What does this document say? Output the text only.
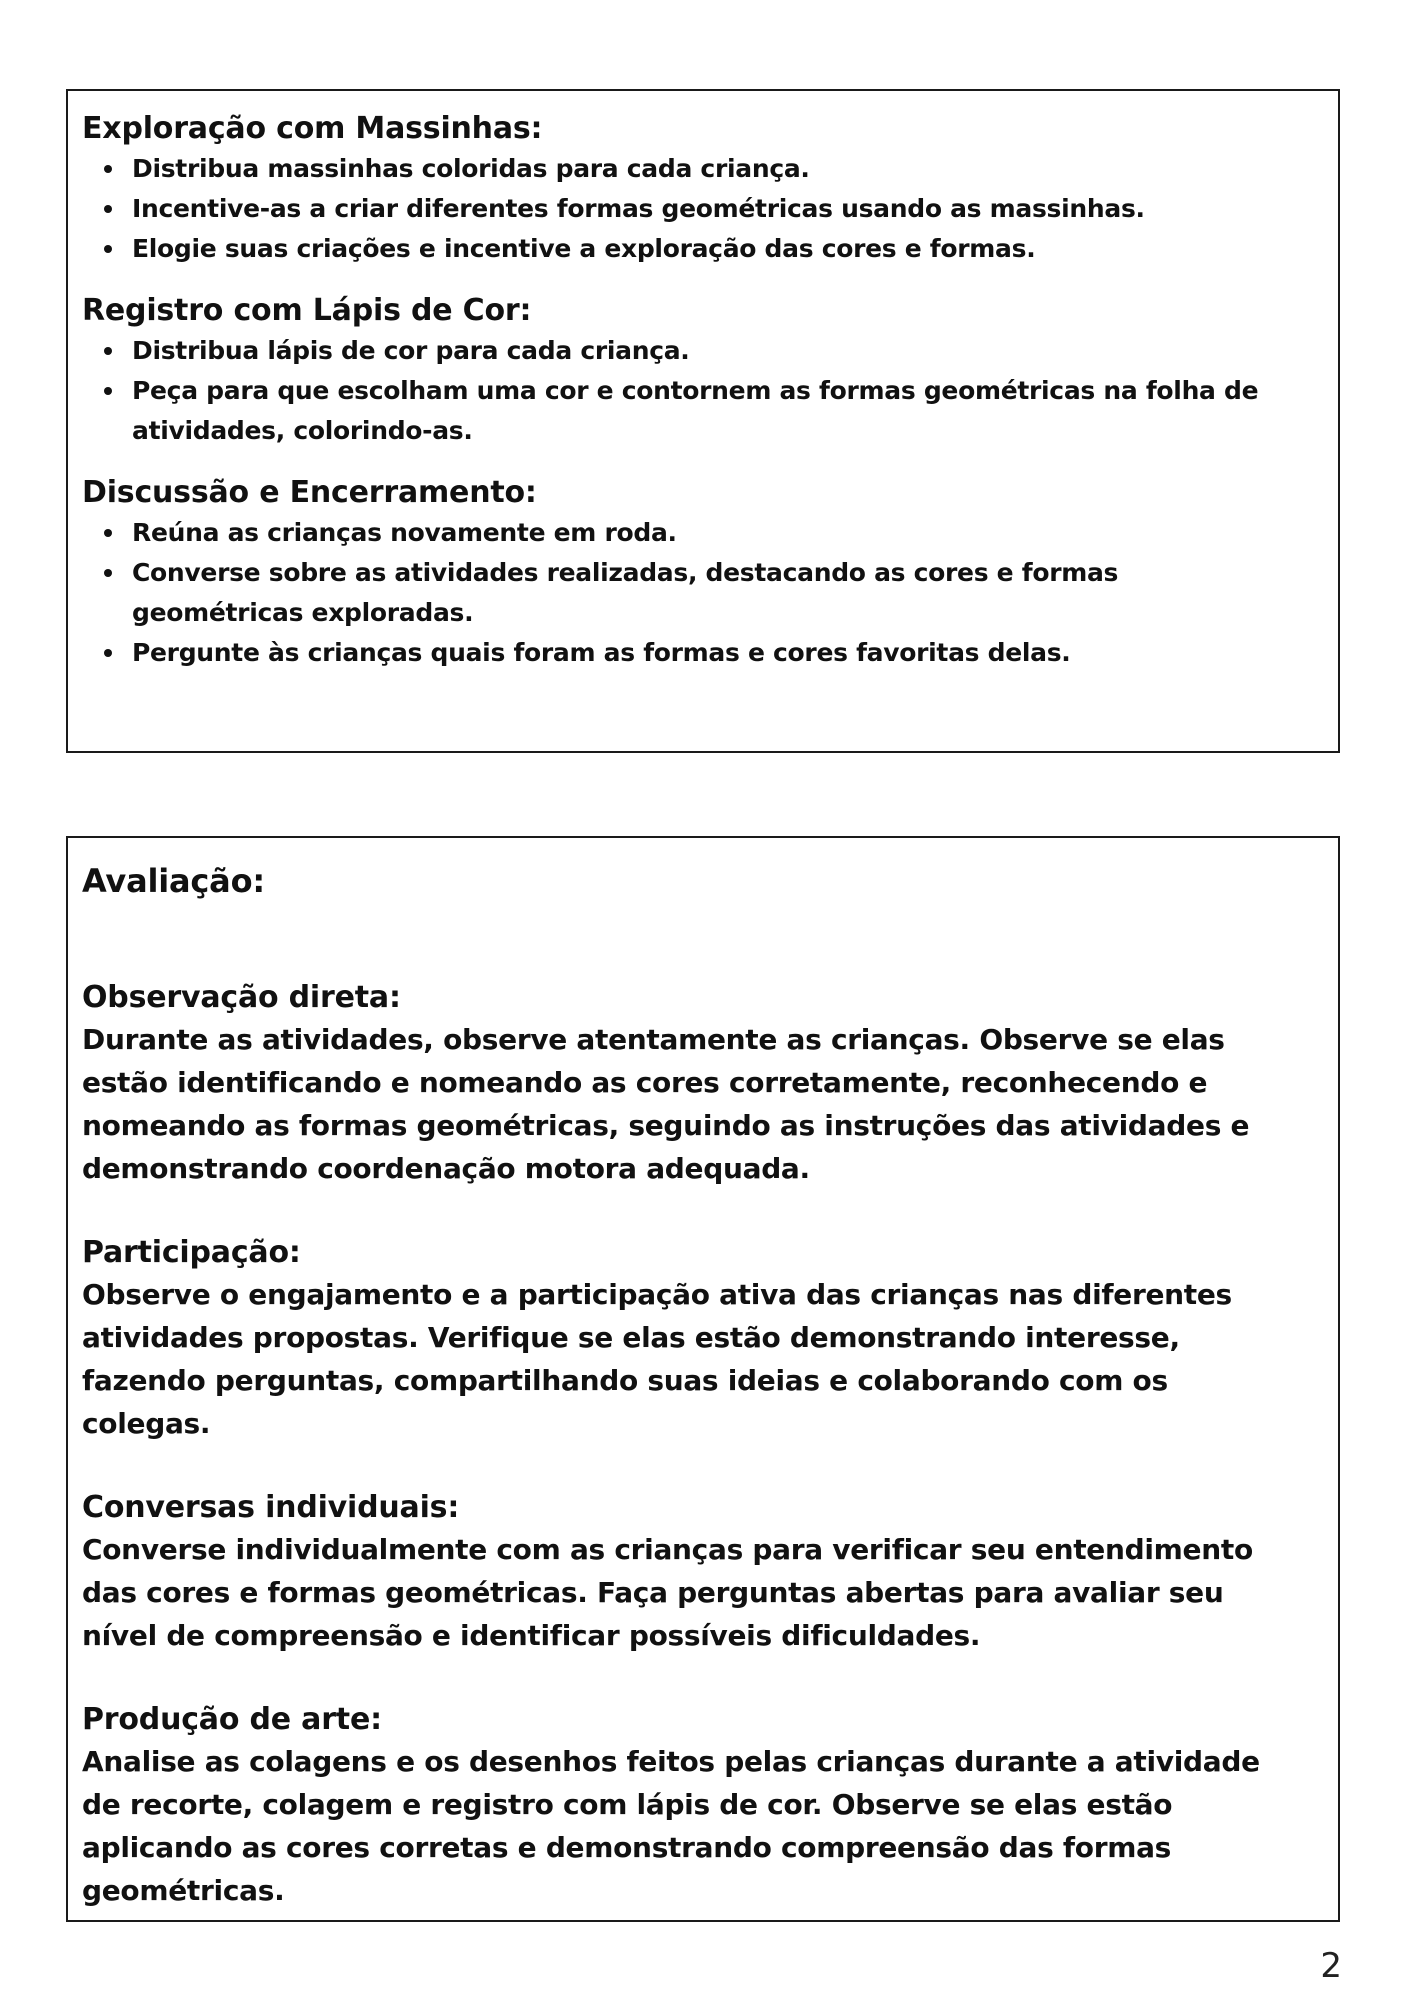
Exploração com Massinhas:
Distribua massinhas coloridas para cada criança.
Incentive-as a criar diferentes formas geométricas usando as massinhas.
Elogie suas criações e incentive a exploração das cores e formas.
Registro com Lápis de Cor:
Distribua lápis de cor para cada criança.
Peça para que escolham uma cor e contornem as formas geométricas na folha de atividades, colorindo-as.
Discussão e Encerramento:
Reúna as crianças novamente em roda.
Converse sobre as atividades realizadas, destacando as cores e formas geométricas exploradas.
Pergunte às crianças quais foram as formas e cores favoritas delas.
Avaliação:
Observação direta:

Durante as atividades, observe atentamente as crianças. Observe se elas estão identificando e nomeando as cores corretamente, reconhecendo e nomeando as formas geométricas, seguindo as instruções das atividades e demonstrando coordenação motora adequada.

Participação:

Observe o engajamento e a participação ativa das crianças nas diferentes atividades propostas. Verifique se elas estão demonstrando interesse, fazendo perguntas, compartilhando suas ideias e colaborando com os colegas.

Conversas individuais:

Converse individualmente com as crianças para verificar seu entendimento das cores e formas geométricas. Faça perguntas abertas para avaliar seu nível de compreensão e identificar possíveis dificuldades.

Produção de arte:

Analise as colagens e os desenhos feitos pelas crianças durante a atividade de recorte, colagem e registro com lápis de cor. Observe se elas estão aplicando as cores corretas e demonstrando compreensão das formas geométricas.

2
